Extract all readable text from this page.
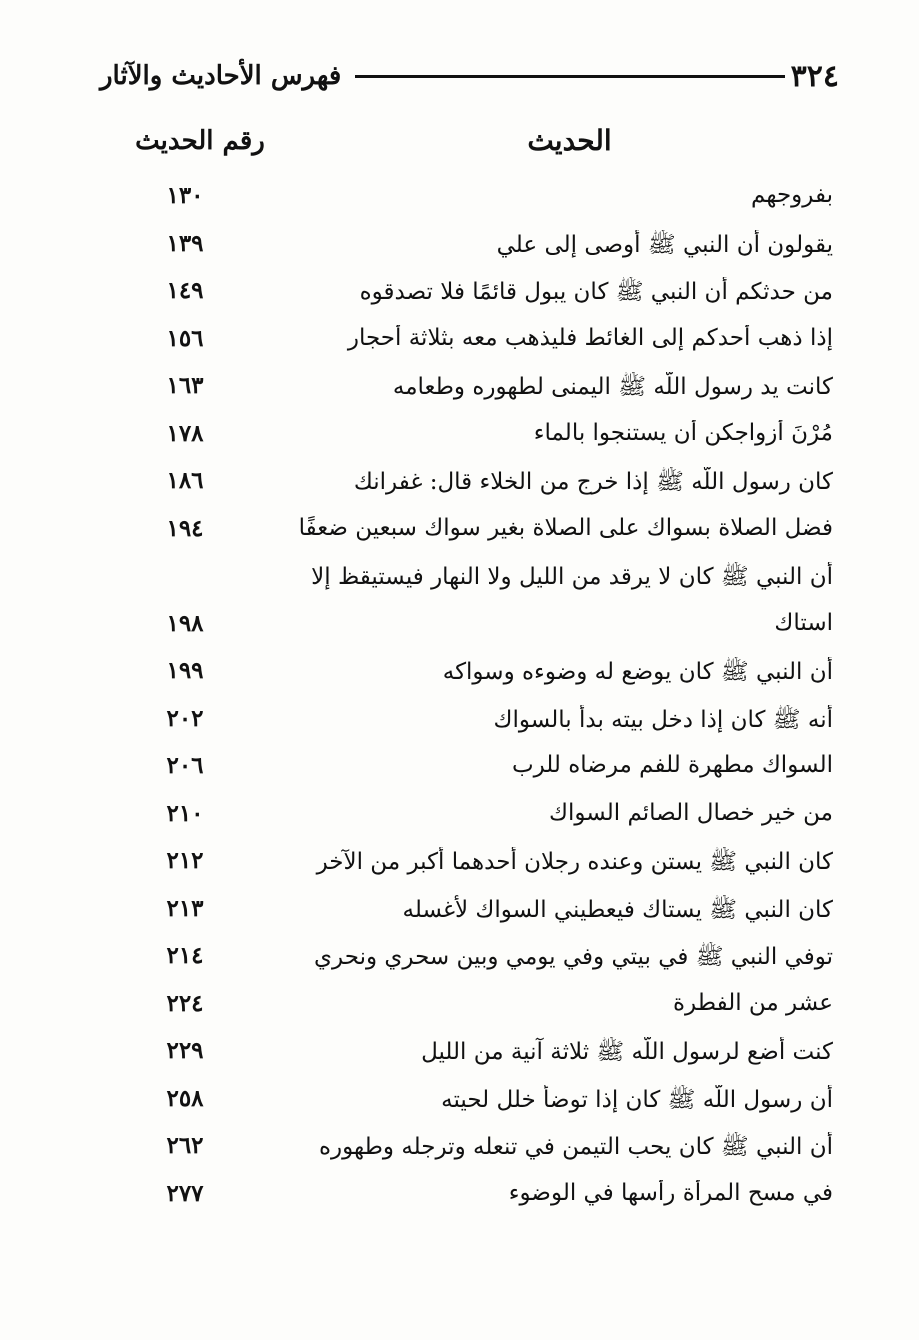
٣٢٤
فهرس الأحاديث والآثار
الحديث
رقم الحديث
بفروجهم
١٣٠
يقولون أن النبي ﷺ أوصى إلى علي
١٣٩
من حدثكم أن النبي ﷺ كان يبول قائمًا فلا تصدقوه
١٤٩
إذا ذهب أحدكم إلى الغائط فليذهب معه بثلاثة أحجار
١٥٦
كانت يد رسول اللّه ﷺ اليمنى لطهوره وطعامه
١٦٣
مُرْنَ أزواجكن أن يستنجوا بالماء
١٧٨
كان رسول اللّه ﷺ إذا خرج من الخلاء قال: غفرانك
١٨٦
فضل الصلاة بسواك على الصلاة بغير سواك سبعين ضعفًا
١٩٤
أن النبي ﷺ كان لا يرقد من الليل ولا النهار فيستيقظ إلا
استاك
١٩٨
أن النبي ﷺ كان يوضع له وضوءه وسواكه
١٩٩
أنه ﷺ كان إذا دخل بيته بدأ بالسواك
٢٠٢
السواك مطهرة للفم مرضاه للرب
٢٠٦
من خير خصال الصائم السواك
٢١٠
كان النبي ﷺ يستن وعنده رجلان أحدهما أكبر من الآخر
٢١٢
كان النبي ﷺ يستاك فيعطيني السواك لأغسله
٢١٣
توفي النبي ﷺ في بيتي وفي يومي وبين سحري ونحري
٢١٤
عشر من الفطرة
٢٢٤
كنت أضع لرسول اللّه ﷺ ثلاثة آنية من الليل
٢٢٩
أن رسول اللّه ﷺ كان إذا توضأ خلل لحيته
٢٥٨
أن النبي ﷺ كان يحب التيمن في تنعله وترجله وطهوره
٢٦٢
في مسح المرأة رأسها في الوضوء
٢٧٧
